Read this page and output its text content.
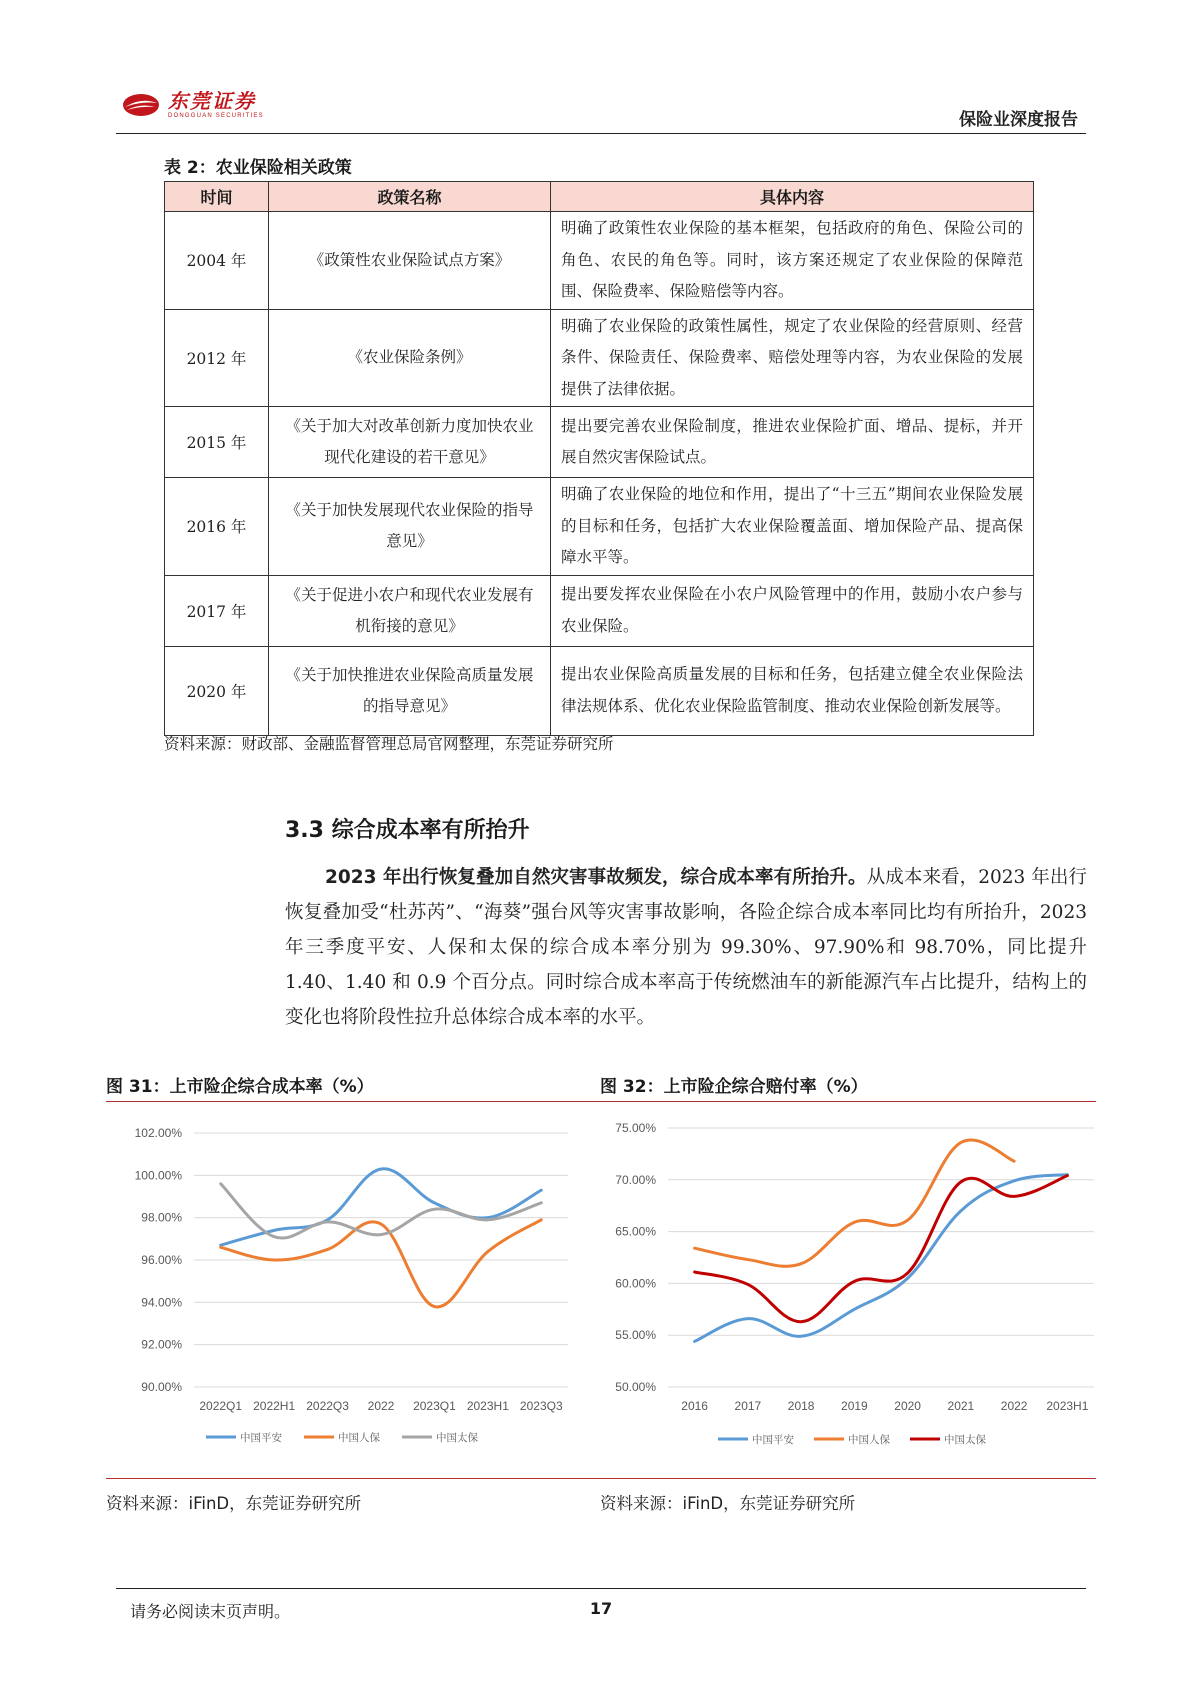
东莞证券
DONGGUAN SECURITIES	保险业深度报告
表 2：农业保险相关政策
时间	政策名称	具体内容
2004 年	《政策性农业保险试点方案》	明确了政策性农业保险的基本框架，包括政府的角色、保险公司的角色、农民的角色等。同时，该方案还规定了农业保险的保障范围、保险费率、保险赔偿等内容。
2012 年	《农业保险条例》	明确了农业保险的政策性属性，规定了农业保险的经营原则、经营条件、保险责任、保险费率、赔偿处理等内容，为农业保险的发展提供了法律依据。
2015 年	《关于加大对改革创新力度加快农业现代化建设的若干意见》	提出要完善农业保险制度，推进农业保险扩面、增品、提标，并开展自然灾害保险试点。
2016 年	《关于加快发展现代农业保险的指导意见》	明确了农业保险的地位和作用，提出了“十三五”期间农业保险发展的目标和任务，包括扩大农业保险覆盖面、增加保险产品、提高保障水平等。
2017 年	《关于促进小农户和现代农业发展有机衔接的意见》	提出要发挥农业保险在小农户风险管理中的作用，鼓励小农户参与农业保险。
2020 年	《关于加快推进农业保险高质量发展的指导意见》	提出农业保险高质量发展的目标和任务，包括建立健全农业保险法律法规体系、优化农业保险监管制度、推动农业保险创新发展等。
资料来源：财政部、金融监督管理总局官网整理，东莞证券研究所
3.3 综合成本率有所抬升
2023 年出行恢复叠加自然灾害事故频发，综合成本率有所抬升。从成本来看，2023 年出行恢复叠加受“杜苏芮”、“海葵”强台风等灾害事故影响，各险企综合成本率同比均有所抬升，2023 年三季度平安、人保和太保的综合成本率分别为 99.30%、97.90%和 98.70%，同比提升 1.40、1.40 和 0.9 个百分点。同时综合成本率高于传统燃油车的新能源汽车占比提升，结构上的变化也将阶段性拉升总体综合成本率的水平。
图 31：上市险企综合成本率（%）	图 32：上市险企综合赔付率（%）
90.00%
92.00%
94.00%
96.00%
98.00%
100.00%
102.00%
2022Q1 2022H1 2022Q3 2022 2023Q1 2023H1 2023Q3
中国平安	中国人保	中国太保
50.00%
55.00%
60.00%
65.00%
70.00%
75.00%
2016 2017 2018 2019 2020 2021 2022 2023H1
中国平安	中国人保	中国太保
资料来源：iFinD，东莞证券研究所	资料来源：iFinD，东莞证券研究所
请务必阅读末页声明。	17
